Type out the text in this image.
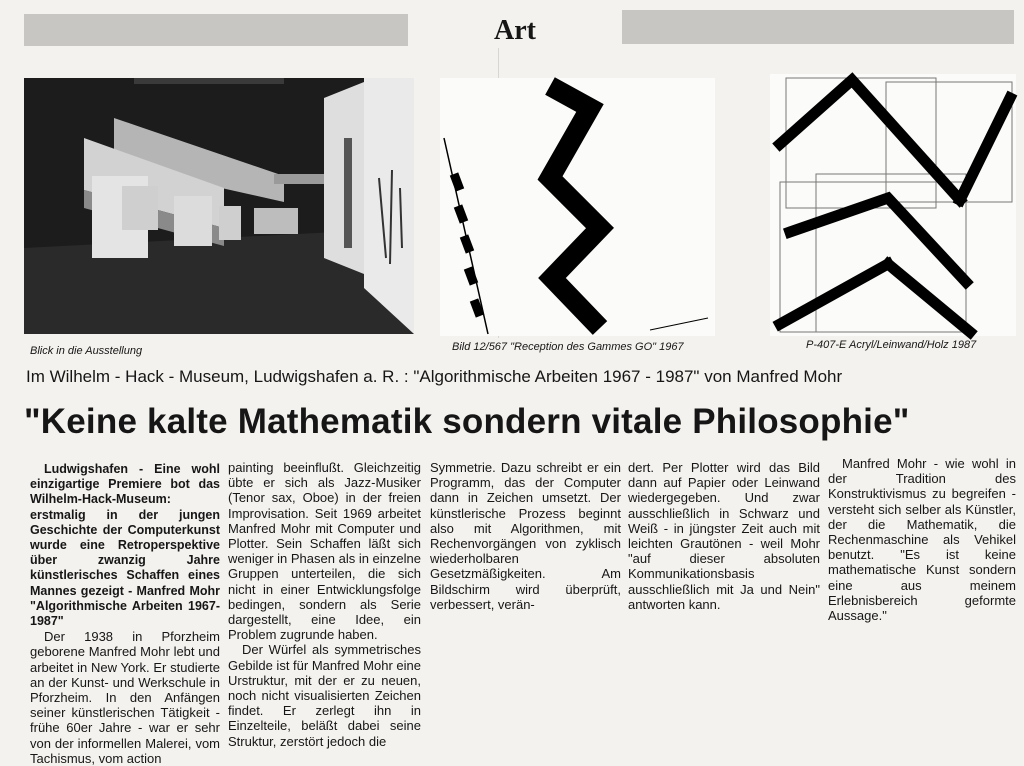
Art
Blick in die Ausstellung	Bild 12/567 "Reception des Gammes GO" 1967	P-407-E Acryl/Leinwand/Holz 1987
Im Wilhelm - Hack - Museum, Ludwigshafen a. R. : "Algorithmische Arbeiten 1967 - 1987" von Manfred Mohr
"Keine kalte Mathematik sondern vitale Philosophie"

Ludwigshafen - Eine wohl einzigartige Premiere bot das Wilhelm-Hack-Museum: erstmalig in der jungen Geschichte der Computerkunst wurde eine Retroperspektive über zwanzig Jahre künstlerisches Schaffen eines Mannes gezeigt - Manfred Mohr "Algorithmische Arbeiten 1967-1987"

Der 1938 in Pforzheim geborene Manfred Mohr lebt und arbeitet in New York. Er studierte an der Kunst- und Werkschule in Pforzheim. In den Anfängen seiner künstlerischen Tätigkeit - frühe 60er Jahre - war er sehr von der informellen Malerei, vom Tachismus, vom action

painting beeinflußt. Gleichzeitig übte er sich als Jazz-Musiker (Tenor sax, Oboe) in der freien Improvisation. Seit 1969 arbeitet Manfred Mohr mit Computer und Plotter. Sein Schaffen läßt sich weniger in Phasen als in einzelne Gruppen unterteilen, die sich nicht in einer Entwicklungsfolge bedingen, sondern als Serie dargestellt, eine Idee, ein Problem zugrunde haben.

Der Würfel als symmetrisches Gebilde ist für Manfred Mohr eine Urstruktur, mit der er zu neuen, noch nicht visualisierten Zeichen findet. Er zerlegt ihn in Einzelteile, beläßt dabei seine Struktur, zerstört jedoch die

Symmetrie. Dazu schreibt er ein Programm, das der Computer dann in Zeichen umsetzt. Der künstlerische Prozess beginnt also mit Algorithmen, mit Rechenvorgängen von zyklisch wiederholbaren Gesetzmäßigkeiten. Am Bildschirm wird überprüft, verbessert, verän-

dert. Per Plotter wird das Bild dann auf Papier oder Leinwand wiedergegeben. Und zwar ausschließlich in Schwarz und Weiß - in jüngster Zeit auch mit leichten Grautönen - weil Mohr "auf dieser absoluten Kommunikationsbasis ausschließlich mit Ja und Nein" antworten kann.

Manfred Mohr - wie wohl in der Tradition des Konstruktivismus zu begreifen - versteht sich selber als Künstler, der die Mathematik, die Rechenmaschine als Vehikel benutzt. "Es ist keine mathematische Kunst sondern eine aus meinem Erlebnisbereich geformte Aussage."
